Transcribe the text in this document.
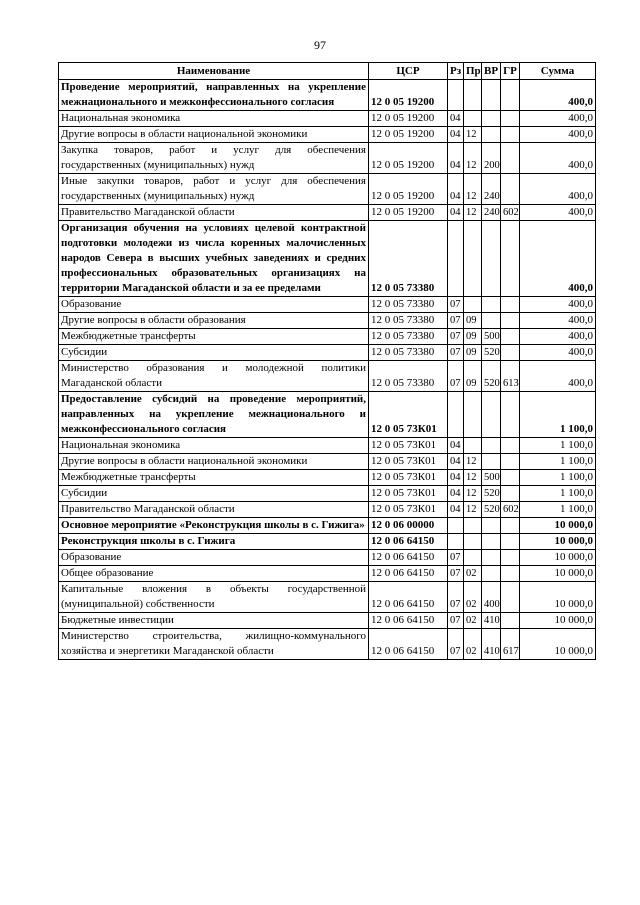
97
Наименование	ЦСР	Рз	Пр	ВР	ГР	Сумма
Проведение мероприятий, направленных на укрепление межнационального и межконфессионального согласия	12 0 05 19200					400,0
Национальная экономика	12 0 05 19200	04				400,0
Другие вопросы в области национальной экономики	12 0 05 19200	04	12			400,0
Закупка товаров, работ и услуг для обеспечения государственных (муниципальных) нужд	12 0 05 19200	04	12	200		400,0
Иные закупки товаров, работ и услуг для обеспечения государственных (муниципальных) нужд	12 0 05 19200	04	12	240		400,0
Правительство Магаданской области	12 0 05 19200	04	12	240	602	400,0
Организация обучения на условиях целевой контрактной подготовки молодежи из числа коренных малочисленных народов Севера в высших учебных заведениях и средних профессиональных образовательных организациях на территории Магаданской области и за ее пределами	12 0 05 73380					400,0
Образование	12 0 05 73380	07				400,0
Другие вопросы в области образования	12 0 05 73380	07	09			400,0
Межбюджетные трансферты	12 0 05 73380	07	09	500		400,0
Субсидии	12 0 05 73380	07	09	520		400,0
Министерство образования и молодежной политики Магаданской области	12 0 05 73380	07	09	520	613	400,0
Предоставление субсидий на проведение мероприятий, направленных на укрепление межнационального и межконфессионального согласия	12 0 05 73К01					1 100,0
Национальная экономика	12 0 05 73К01	04				1 100,0
Другие вопросы в области национальной экономики	12 0 05 73К01	04	12			1 100,0
Межбюджетные трансферты	12 0 05 73К01	04	12	500		1 100,0
Субсидии	12 0 05 73К01	04	12	520		1 100,0
Правительство Магаданской области	12 0 05 73К01	04	12	520	602	1 100,0
Основное мероприятие «Реконструкция школы в с. Гижига»	12 0 06 00000					10 000,0
Реконструкция школы в с. Гижига	12 0 06 64150					10 000,0
Образование	12 0 06 64150	07				10 000,0
Общее образование	12 0 06 64150	07	02			10 000,0
Капитальные вложения в объекты государственной (муниципальной) собственности	12 0 06 64150	07	02	400		10 000,0
Бюджетные инвестиции	12 0 06 64150	07	02	410		10 000,0
Министерство строительства, жилищно-коммунального хозяйства и энергетики Магаданской области	12 0 06 64150	07	02	410	617	10 000,0
